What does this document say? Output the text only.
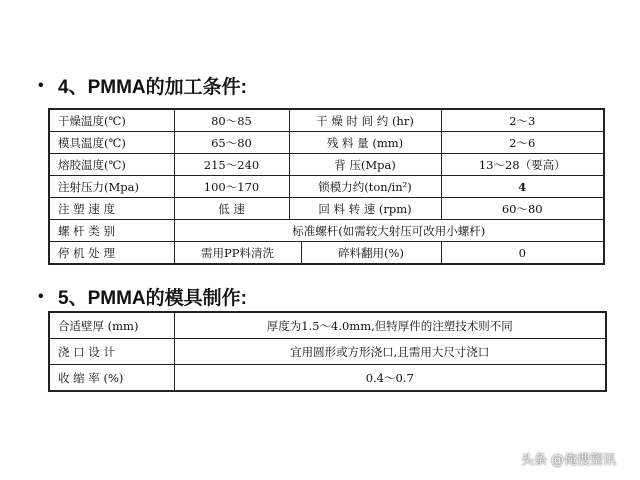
• 4、PMMA的加工条件:
干燥温度(℃)	80～85	干 燥 时 间 约 (hr)		2～3
模具温度(℃)	65～80	残 料 量 (mm)		2～6
熔胶温度(℃)	215～240	背 压(Mpa)		13～28（要高）
注射压力(Mpa)	100～170	锁模力约(ton/in²)		4
注 塑 速 度	低 速	回 料 转 速 (rpm)		60～80
螺 杆 类 别	标准螺杆(如需较大射压可改用小螺杆)			
停 机 处 理	需用PP料清洗		碎料翻用(%)	0
• 5、PMMA的模具制作:
合适壁厚 (mm)	厚度为1.5～4.0mm,但特厚件的注塑技术则不同
浇 口 设 计	宜用圆形或方形浇口,且需用大尺寸浇口
收 缩 率 (%)	0.4～0.7
头条 @俺搜塑讯
